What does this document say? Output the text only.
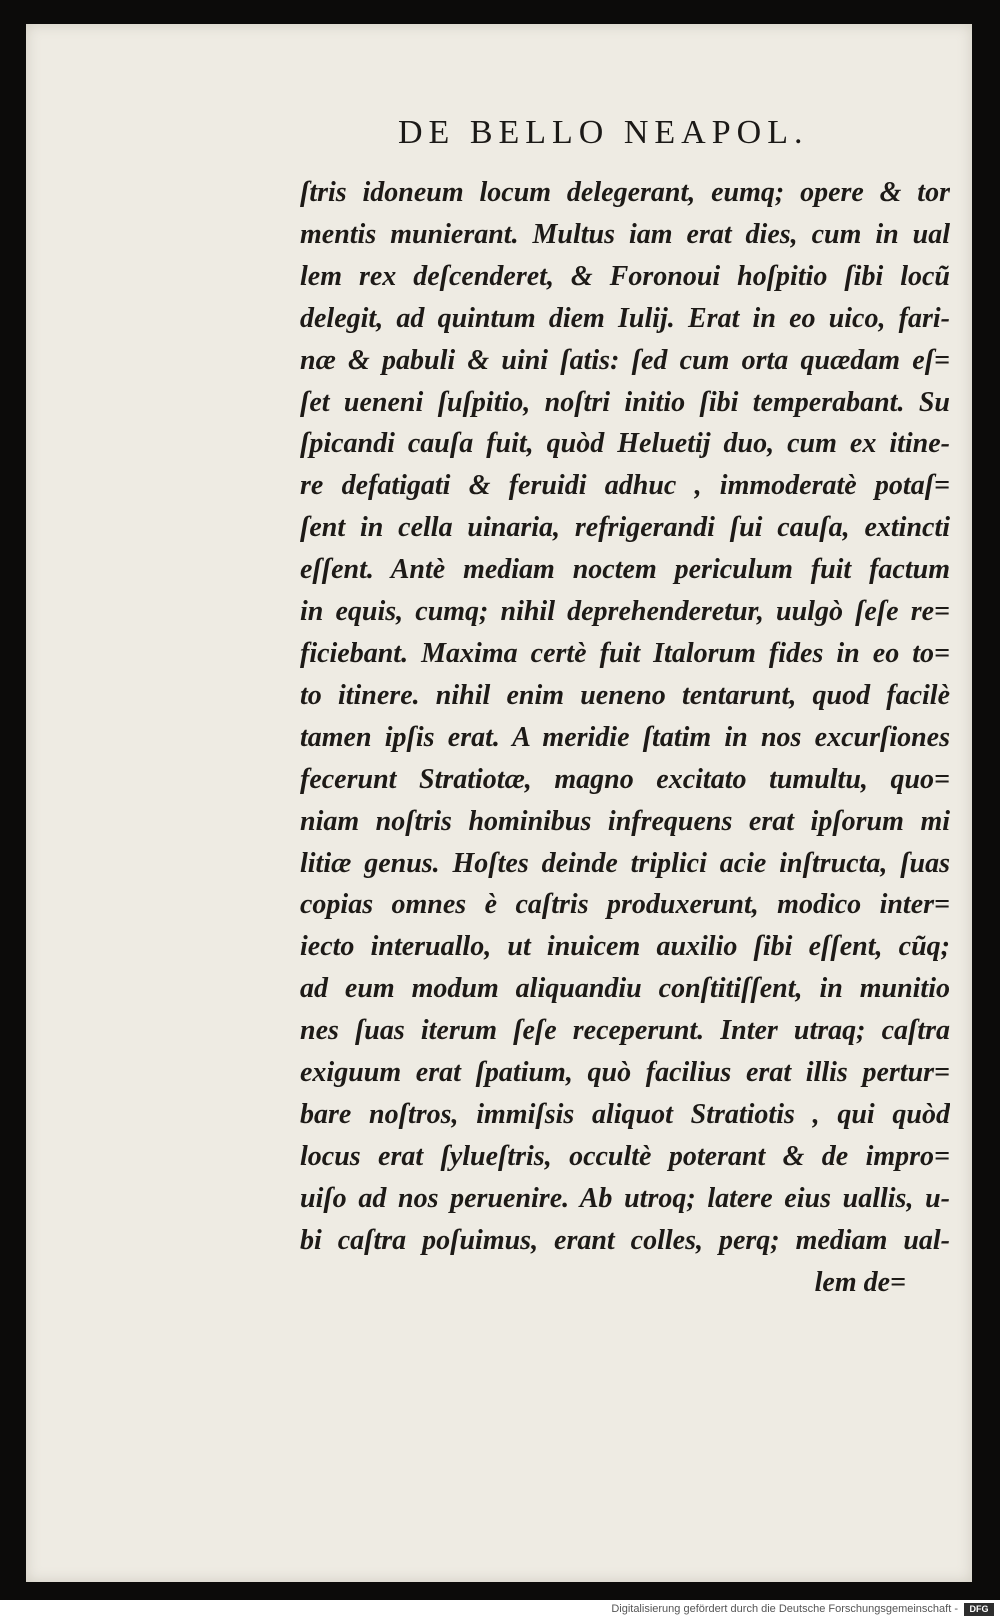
DE BELLO NEAPOL.
ſtris idoneum locum delegerant, eumq; opere & tor
mentis munierant. Multus iam erat dies, cum in ual
lem rex deſcenderet, & Foronoui hoſpitio ſibi locũ
delegit, ad quintum diem Iulij. Erat in eo uico, fari-
næ & pabuli & uini ſatis: ſed cum orta quædam eſ=
ſet ueneni ſuſpitio, noſtri initio ſibi temperabant. Su
ſpicandi cauſa fuit, quòd Heluetij duo, cum ex itine-
re defatigati & feruidi adhuc , immoderatè potaſ=
ſent in cella uinaria, refrigerandi ſui cauſa, extincti
eſſent. Antè mediam noctem periculum fuit factum
in equis, cumq; nihil deprehenderetur, uulgò ſeſe re=
ficiebant. Maxima certè fuit Italorum fides in eo to=
to itinere. nihil enim ueneno tentarunt, quod facilè
tamen ipſis erat. A meridie ſtatim in nos excurſiones
fecerunt Stratiotæ, magno excitato tumultu, quo=
niam noſtris hominibus infrequens erat ipſorum mi
litiæ genus. Hoſtes deinde triplici acie inſtructa, ſuas
copias omnes è caſtris produxerunt, modico inter=
iecto interuallo, ut inuicem auxilio ſibi eſſent, cũq;
ad eum modum aliquandiu conſtitiſſent, in munitio
nes ſuas iterum ſeſe receperunt. Inter utraq; caſtra
exiguum erat ſpatium, quò facilius erat illis pertur=
bare noſtros, immiſsis aliquot Stratiotis , qui quòd
locus erat ſylueſtris, occultè poterant & de impro=
uiſo ad nos peruenire. Ab utroq; latere eius uallis, u-
bi caſtra poſuimus, erant colles, perq; mediam ual-
lem de=
Digitalisierung gefördert durch die Deutsche Forschungsgemeinschaft -	DFG
